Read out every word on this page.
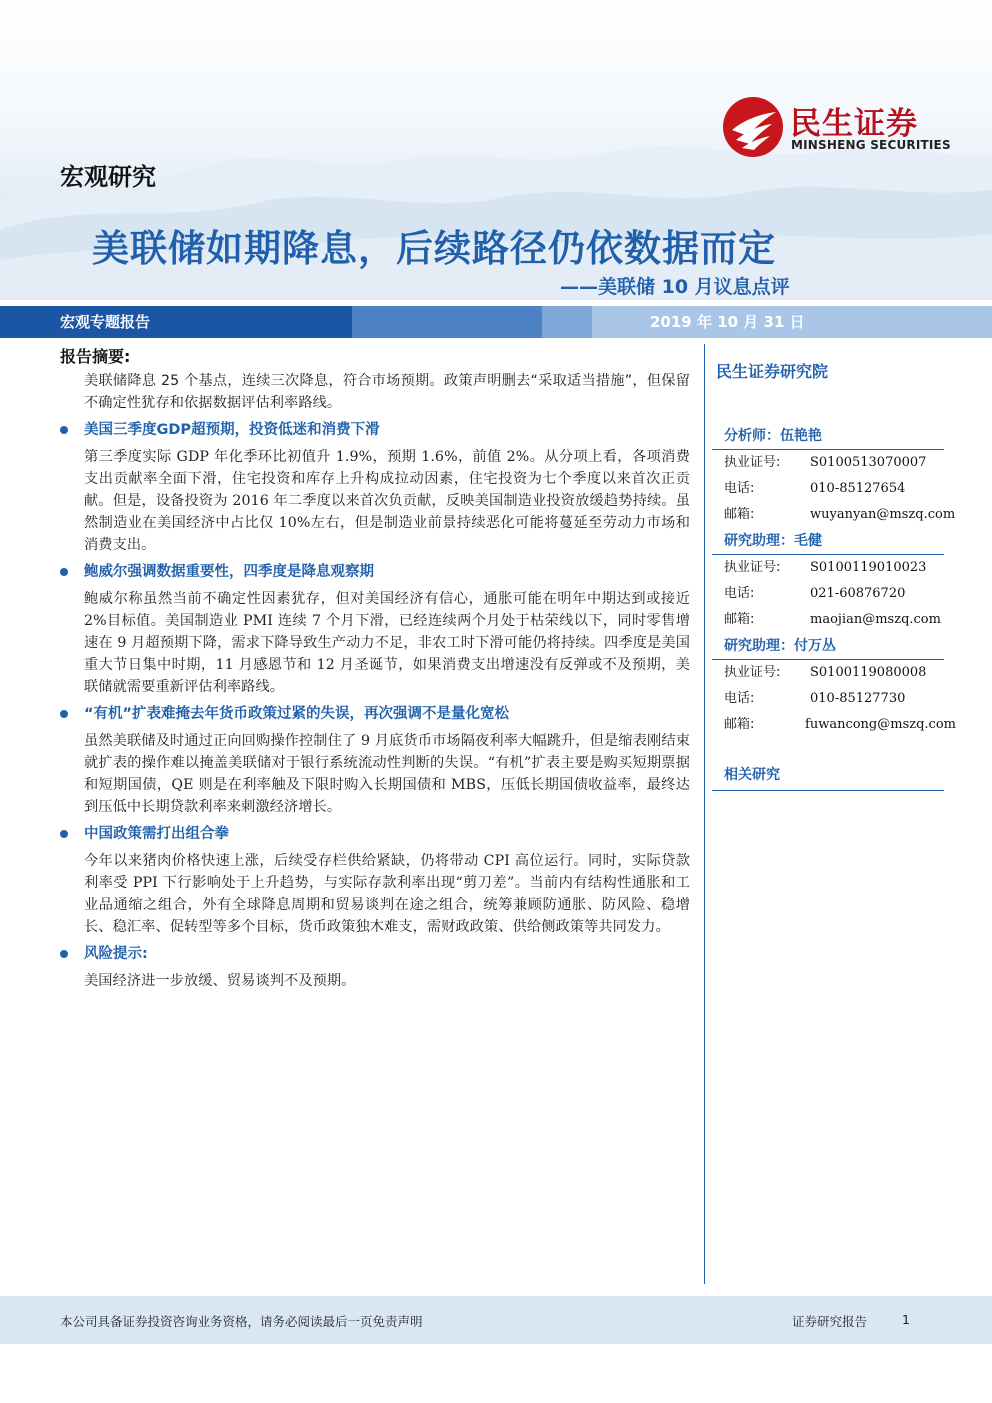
民生证券
MINSHENG SECURITIES
宏观研究
美联储如期降息，后续路径仍依数据而定
——美联储 10 月议息点评
宏观专题报告	2019 年 10 月 31 日
报告摘要:
美联储降息 25 个基点，连续三次降息，符合市场预期。政策声明删去“采取适当措施”，但保留不确定性犹存和依据数据评估利率路线。
美国三季度GDP超预期，投资低迷和消费下滑
第三季度实际 GDP 年化季环比初值升 1.9%，预期 1.6%，前值 2%。从分项上看，各项消费支出贡献率全面下滑，住宅投资和库存上升构成拉动因素，住宅投资为七个季度以来首次正贡献。但是，设备投资为 2016 年二季度以来首次负贡献，反映美国制造业投资放缓趋势持续。虽然制造业在美国经济中占比仅 10%左右，但是制造业前景持续恶化可能将蔓延至劳动力市场和消费支出。
鲍威尔强调数据重要性，四季度是降息观察期
鲍威尔称虽然当前不确定性因素犹存，但对美国经济有信心，通胀可能在明年中期达到或接近 2%目标值。美国制造业 PMI 连续 7 个月下滑，已经连续两个月处于枯荣线以下，同时零售增速在 9 月超预期下降，需求下降导致生产动力不足，非农工时下滑可能仍将持续。四季度是美国重大节日集中时期，11 月感恩节和 12 月圣诞节，如果消费支出增速没有反弹或不及预期，美联储就需要重新评估利率路线。
“有机”扩表难掩去年货币政策过紧的失误，再次强调不是量化宽松
虽然美联储及时通过正向回购操作控制住了 9 月底货币市场隔夜利率大幅跳升，但是缩表刚结束就扩表的操作难以掩盖美联储对于银行系统流动性判断的失误。“有机”扩表主要是购买短期票据和短期国债，QE 则是在利率触及下限时购入长期国债和 MBS，压低长期国债收益率，最终达到压低中长期贷款利率来刺激经济增长。
中国政策需打出组合拳
今年以来猪肉价格快速上涨，后续受存栏供给紧缺，仍将带动 CPI 高位运行。同时，实际贷款利率受 PPI 下行影响处于上升趋势，与实际存款利率出现“剪刀差”。当前内有结构性通胀和工业品通缩之组合，外有全球降息周期和贸易谈判在途之组合，统筹兼顾防通胀、防风险、稳增长、稳汇率、促转型等多个目标，货币政策独木难支，需财政政策、供给侧政策等共同发力。
风险提示:
美国经济进一步放缓、贸易谈判不及预期。
民生证券研究院
分析师：伍艳艳
执业证号:	S0100513070007
电话:	010-85127654
邮箱:	wuyanyan@mszq.com
研究助理：毛健
执业证号:	S0100119010023
电话:	021-60876720
邮箱:	maojian@mszq.com
研究助理：付万丛
执业证号:	S0100119080008
电话:	010-85127730
邮箱:	fuwancong@mszq.com
相关研究
本公司具备证券投资咨询业务资格，请务必阅读最后一页免责声明	证券研究报告	1
